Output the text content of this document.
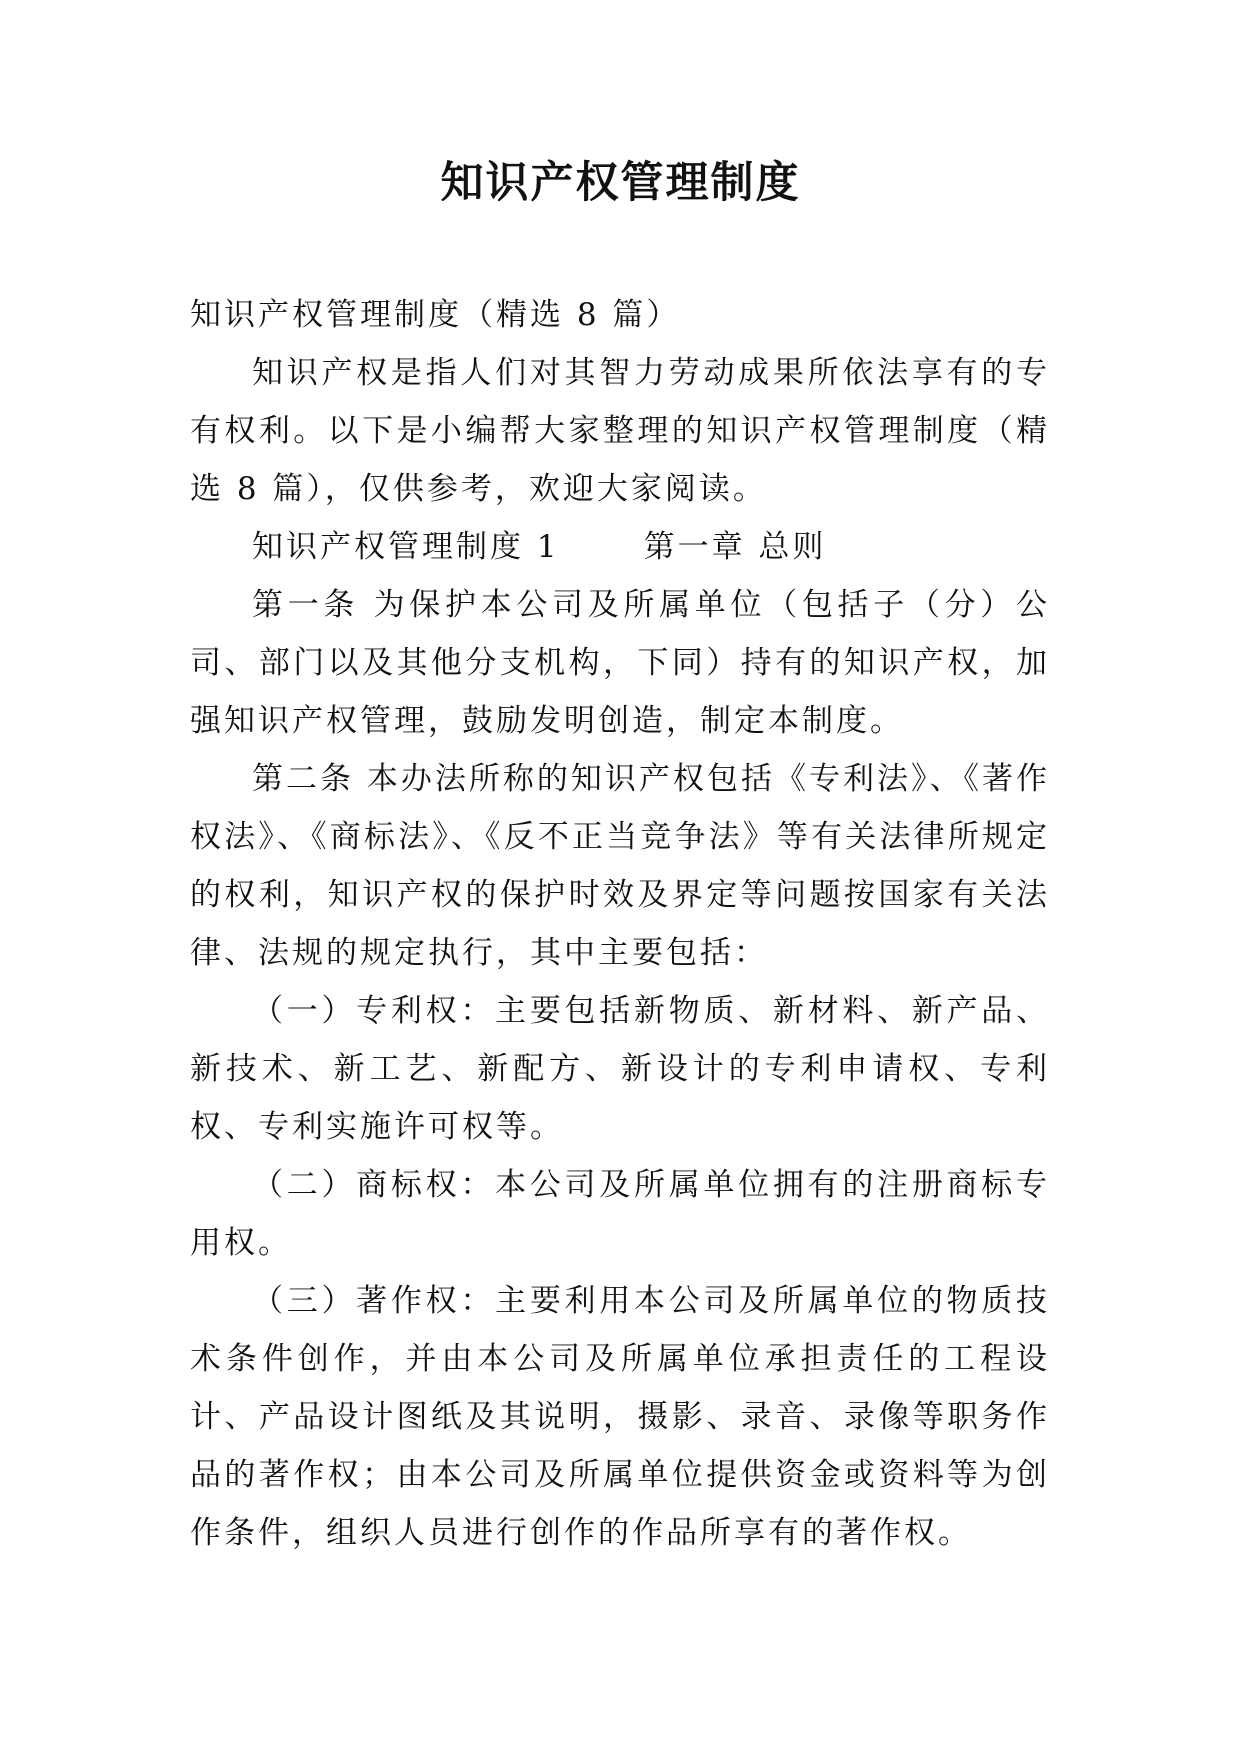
知识产权管理制度

知识产权管理制度（精选 8 篇）

知识产权是指人们对其智力劳动成果所依法享有的专有权利。以下是小编帮大家整理的知识产权管理制度（精选 8 篇），仅供参考，欢迎大家阅读。

知识产权管理制度 1	第一章 总则

第一条 为保护本公司及所属单位（包括子（分）公司、部门以及其他分支机构，下同）持有的知识产权，加强知识产权管理，鼓励发明创造，制定本制度。

第二条 本办法所称的知识产权包括《专利法》、《著作权法》、《商标法》、《反不正当竞争法》等有关法律所规定的权利，知识产权的保护时效及界定等问题按国家有关法律、法规的规定执行，其中主要包括：

（一）专利权：主要包括新物质、新材料、新产品、新技术、新工艺、新配方、新设计的专利申请权、专利权、专利实施许可权等。

（二）商标权：本公司及所属单位拥有的注册商标专用权。

（三）著作权：主要利用本公司及所属单位的物质技术条件创作，并由本公司及所属单位承担责任的工程设计、产品设计图纸及其说明，摄影、录音、录像等职务作品的著作权；由本公司及所属单位提供资金或资料等为创作条件，组织人员进行创作的作品所享有的著作权。
